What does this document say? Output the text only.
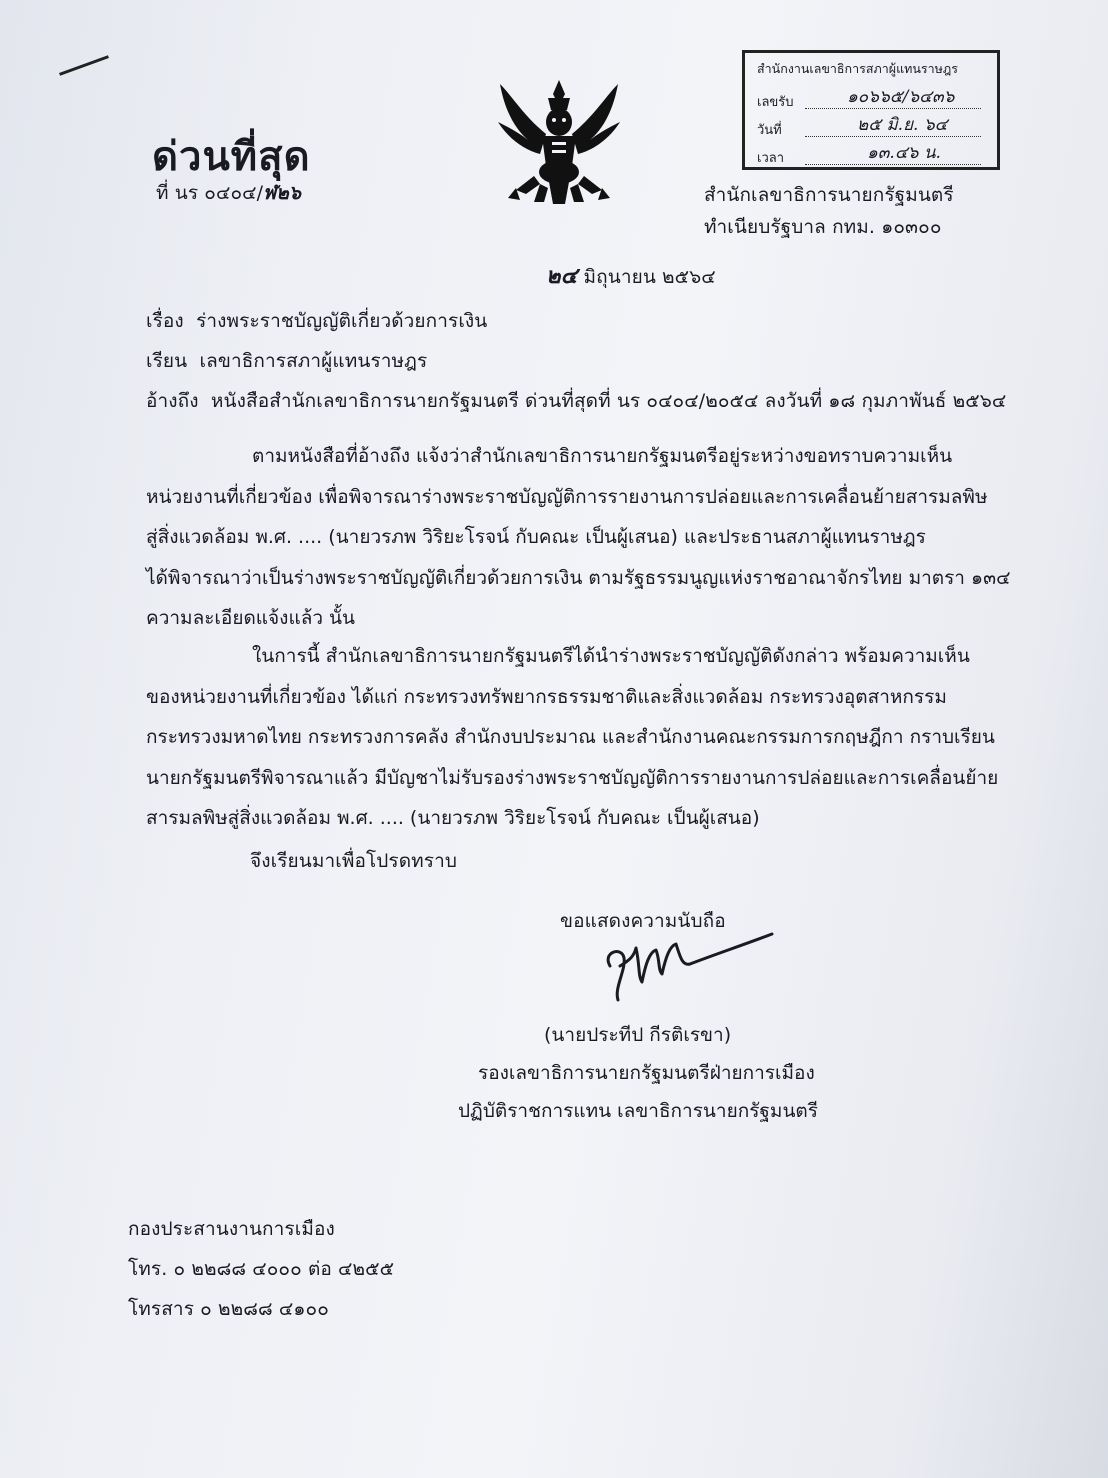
สำนักงานเลขาธิการสภาผู้แทนราษฎร
เลขรับ	๑๐๖๖๕/๖๔๓๖
วันที่	๒๕ มิ.ย. ๖๔
เวลา	๑๓.๔๖ น.
ด่วนที่สุด
ที่ นร ๐๔๐๔/ฬ๒๖	สำนักเลขาธิการนายกรัฐมนตรี
ทำเนียบรัฐบาล กทม. ๑๐๓๐๐
๒๔ มิถุนายน ๒๕๖๔
เรื่อง ร่างพระราชบัญญัติเกี่ยวด้วยการเงิน
เรียน เลขาธิการสภาผู้แทนราษฎร
อ้างถึง หนังสือสำนักเลขาธิการนายกรัฐมนตรี ด่วนที่สุดที่ นร ๐๔๐๔/๒๐๕๔ ลงวันที่ ๑๘ กุมภาพันธ์ ๒๕๖๔
ตามหนังสือที่อ้างถึง แจ้งว่าสำนักเลขาธิการนายกรัฐมนตรีอยู่ระหว่างขอทราบความเห็น
หน่วยงานที่เกี่ยวข้อง เพื่อพิจารณาร่างพระราชบัญญัติการรายงานการปล่อยและการเคลื่อนย้ายสารมลพิษ
สู่สิ่งแวดล้อม พ.ศ. .... (นายวรภพ วิริยะโรจน์ กับคณะ เป็นผู้เสนอ) และประธานสภาผู้แทนราษฎร
ได้พิจารณาว่าเป็นร่างพระราชบัญญัติเกี่ยวด้วยการเงิน ตามรัฐธรรมนูญแห่งราชอาณาจักรไทย มาตรา ๑๓๔
ความละเอียดแจ้งแล้ว นั้น
ในการนี้ สำนักเลขาธิการนายกรัฐมนตรีได้นำร่างพระราชบัญญัติดังกล่าว พร้อมความเห็น
ของหน่วยงานที่เกี่ยวข้อง ได้แก่ กระทรวงทรัพยากรธรรมชาติและสิ่งแวดล้อม กระทรวงอุตสาหกรรม
กระทรวงมหาดไทย กระทรวงการคลัง สำนักงบประมาณ และสำนักงานคณะกรรมการกฤษฎีกา กราบเรียน
นายกรัฐมนตรีพิจารณาแล้ว มีบัญชาไม่รับรองร่างพระราชบัญญัติการรายงานการปล่อยและการเคลื่อนย้าย
สารมลพิษสู่สิ่งแวดล้อม พ.ศ. .... (นายวรภพ วิริยะโรจน์ กับคณะ เป็นผู้เสนอ)
จึงเรียนมาเพื่อโปรดทราบ
ขอแสดงความนับถือ
(นายประทีป กีรติเรขา)
รองเลขาธิการนายกรัฐมนตรีฝ่ายการเมือง
ปฏิบัติราชการแทน เลขาธิการนายกรัฐมนตรี
กองประสานงานการเมือง
โทร. ๐ ๒๒๘๘ ๔๐๐๐ ต่อ ๔๒๕๕
โทรสาร ๐ ๒๒๘๘ ๔๑๐๐
